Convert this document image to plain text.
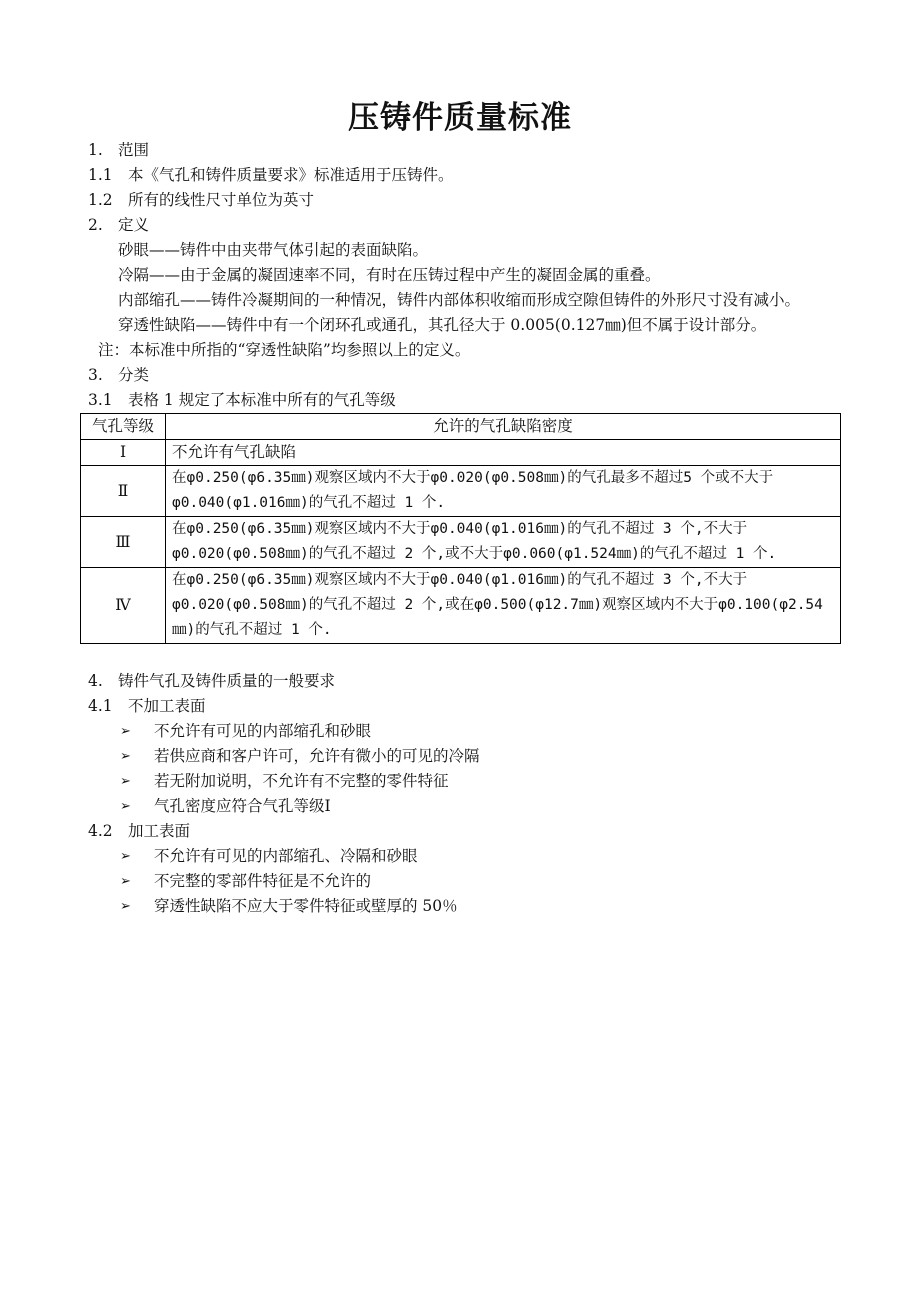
压铸件质量标准
1. 范围
1.1 本《气孔和铸件质量要求》标准适用于压铸件。
1.2 所有的线性尺寸单位为英寸
2. 定义
砂眼——铸件中由夹带气体引起的表面缺陷。
冷隔——由于金属的凝固速率不同，有时在压铸过程中产生的凝固金属的重叠。
内部缩孔——铸件冷凝期间的一种情况，铸件内部体积收缩而形成空隙但铸件的外形尺寸没有减小。
穿透性缺陷——铸件中有一个闭环孔或通孔，其孔径大于 0.005(0.127㎜)但不属于设计部分。
注：本标准中所指的“穿透性缺陷”均参照以上的定义。
3. 分类
3.1 表格 1 规定了本标准中所有的气孔等级
气孔等级	允许的气孔缺陷密度
Ⅰ	不允许有气孔缺陷
Ⅱ	在φ0.250(φ6.35㎜)观察区域内不大于φ0.020(φ0.508㎜)的气孔最多不超过5 个或不大于φ0.040(φ1.016㎜)的气孔不超过 1 个.
Ⅲ	在φ0.250(φ6.35㎜)观察区域内不大于φ0.040(φ1.016㎜)的气孔不超过 3 个,不大于φ0.020(φ0.508㎜)的气孔不超过 2 个,或不大于φ0.060(φ1.524㎜)的气孔不超过 1 个.
Ⅳ	在φ0.250(φ6.35㎜)观察区域内不大于φ0.040(φ1.016㎜)的气孔不超过 3 个,不大于φ0.020(φ0.508㎜)的气孔不超过 2 个,或在φ0.500(φ12.7㎜)观察区域内不大于φ0.100(φ2.54㎜)的气孔不超过 1 个.
4. 铸件气孔及铸件质量的一般要求
4.1 不加工表面
➢	不允许有可见的内部缩孔和砂眼
➢	若供应商和客户许可，允许有微小的可见的冷隔
➢	若无附加说明，不允许有不完整的零件特征
➢	气孔密度应符合气孔等级Ⅰ
4.2 加工表面
➢	不允许有可见的内部缩孔、冷隔和砂眼
➢	不完整的零部件特征是不允许的
➢	穿透性缺陷不应大于零件特征或壁厚的 50％
